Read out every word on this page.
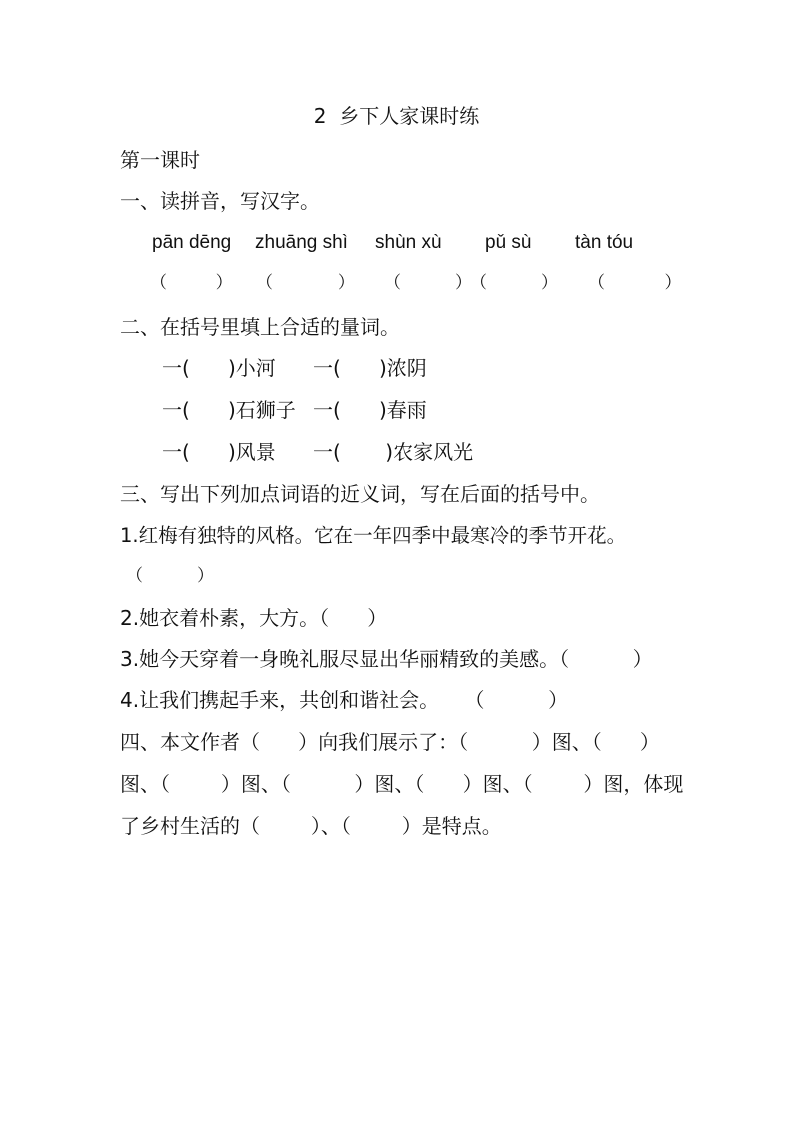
2  乡下人家课时练
第一课时
一、读拼音，写汉字。
pān dēnɡ zhuānɡ shì shùn xù pǔ sù tàn tóu
（         ） （            ） （          ）
（          ） （           ）
二、在括号里填上合适的量词。
一(      )小河 一(      )浓阴
一(      )石狮子 一(      )春雨
一(      )风景 一(       )农家风光
三、写出下列加点词语的近义词，写在后面的括号中。
1.红梅有独特的风格。它在一年四季中最寒冷的季节开花。
（          ）
2.她衣着朴素，大方。（      ）
3.她今天穿着一身晚礼服尽显出华丽精致的美感。（          ）
4.让我们携起手来，共创和谐社会。    （          ）
四、本文作者（      ）向我们展示了：（          ）图、（      ）
图、（        ）图、（          ）图、（      ）图、（        ）图，体现
了乡村生活的（        ）、（        ）是特点。
